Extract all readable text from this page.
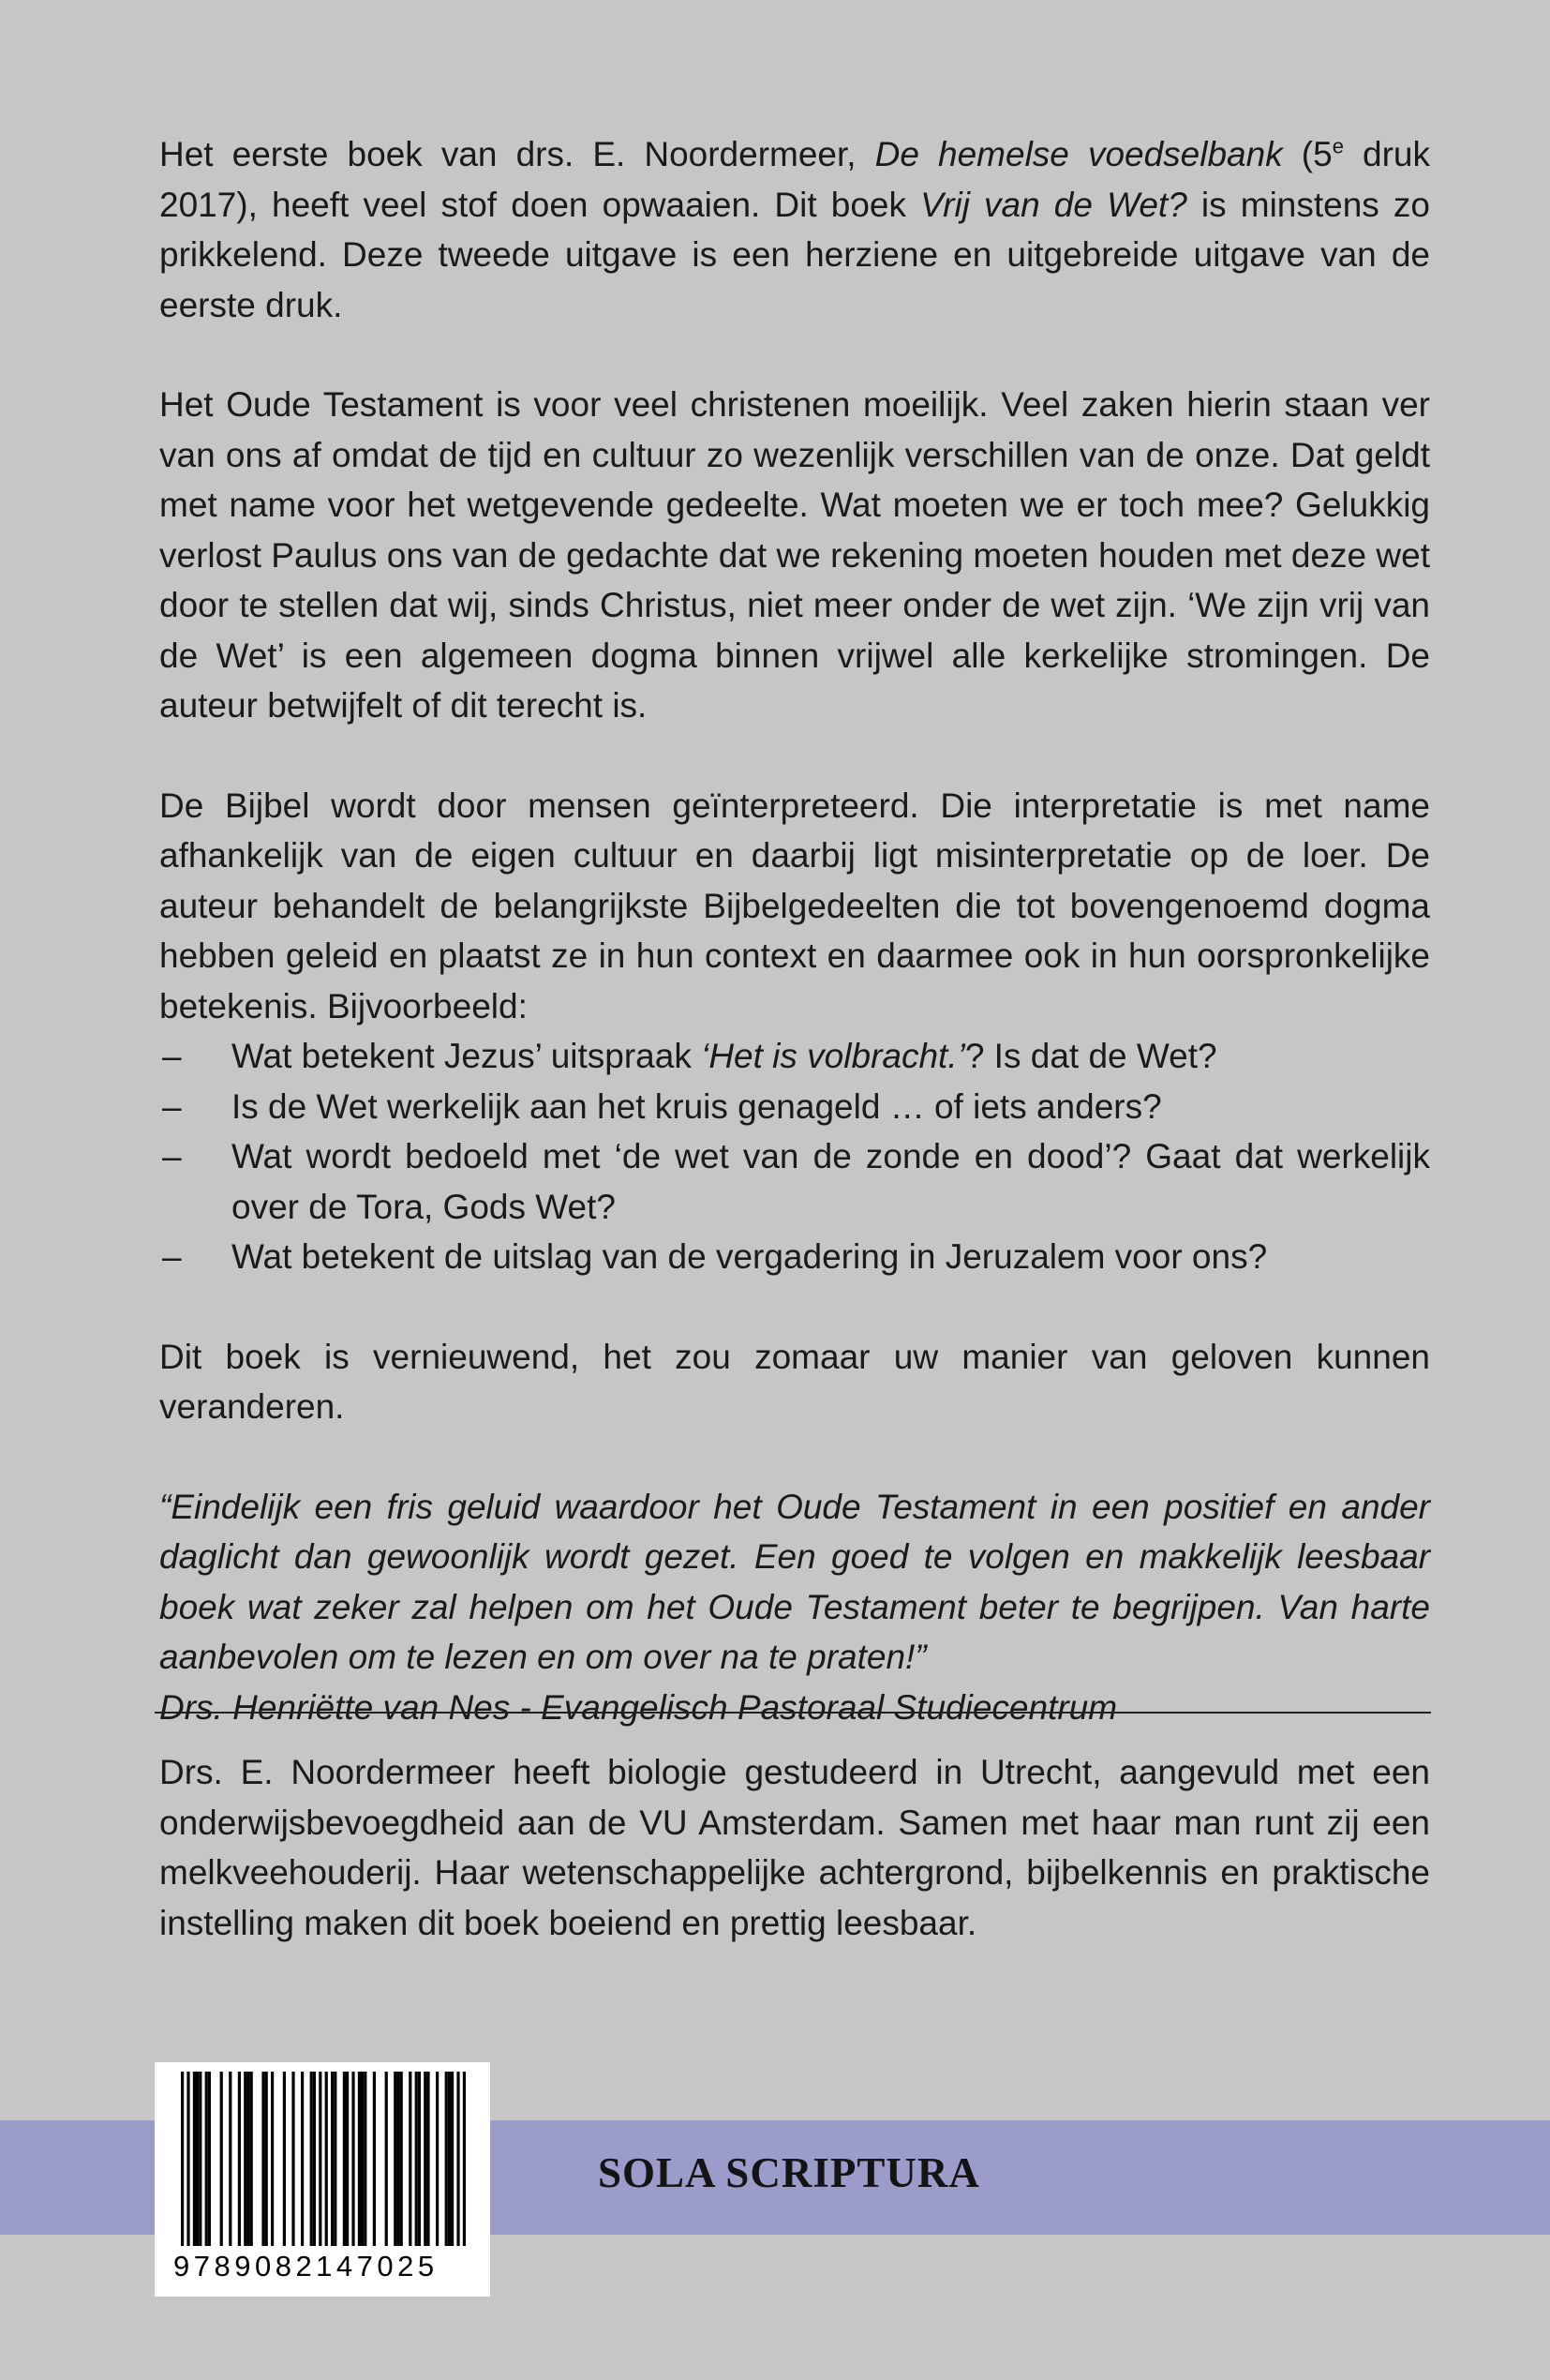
Het eerste boek van drs. E. Noordermeer, De hemelse voedselbank (5e druk 2017), heeft veel stof doen opwaaien. Dit boek Vrij van de Wet? is minstens zo prikkelend. Deze tweede uitgave is een herziene en uitgebreide uitgave van de eerste druk.

Het Oude Testament is voor veel christenen moeilijk. Veel zaken hierin staan ver van ons af omdat de tijd en cultuur zo wezenlijk verschillen van de onze. Dat geldt met name voor het wetgevende gedeelte. Wat moeten we er toch mee? Gelukkig verlost Paulus ons van de gedachte dat we rekening moeten houden met deze wet door te stellen dat wij, sinds Christus, niet meer onder de wet zijn. ‘We zijn vrij van de Wet’ is een algemeen dogma binnen vrijwel alle kerkelijke stromingen. De auteur betwijfelt of dit terecht is.

De Bijbel wordt door mensen geïnterpreteerd. Die interpretatie is met name afhankelijk van de eigen cultuur en daarbij ligt misinterpretatie op de loer. De auteur behandelt de belangrijkste Bijbelgedeelten die tot bovengenoemd dogma hebben geleid en plaatst ze in hun context en daarmee ook in hun oorspronkelijke betekenis. Bijvoorbeeld:

– Wat betekent Jezus’ uitspraak ‘Het is volbracht.’? Is dat de Wet?
– Is de Wet werkelijk aan het kruis genageld … of iets anders?
– Wat wordt bedoeld met ‘de wet van de zonde en dood’? Gaat dat werkelijk over de Tora, Gods Wet?
– Wat betekent de uitslag van de vergadering in Jeruzalem voor ons?

Dit boek is vernieuwend, het zou zomaar uw manier van geloven kunnen veranderen.

“Eindelijk een fris geluid waardoor het Oude Testament in een positief en ander daglicht dan gewoonlijk wordt gezet. Een goed te volgen en makkelijk leesbaar boek wat zeker zal helpen om het Oude Testament beter te begrijpen. Van harte aanbevolen om te lezen en om over na te praten!”

Drs. Henriëtte van Nes - Evangelisch Pastoraal Studiecentrum

Drs. E. Noordermeer heeft biologie gestudeerd in Utrecht, aangevuld met een onderwijsbevoegdheid aan de VU Amsterdam. Samen met haar man runt zij een melkveehouderij. Haar wetenschappelijke achtergrond, bijbelkennis en praktische instelling maken dit boek boeiend en prettig leesbaar.

SOLA SCRIPTURA
9789082147025
